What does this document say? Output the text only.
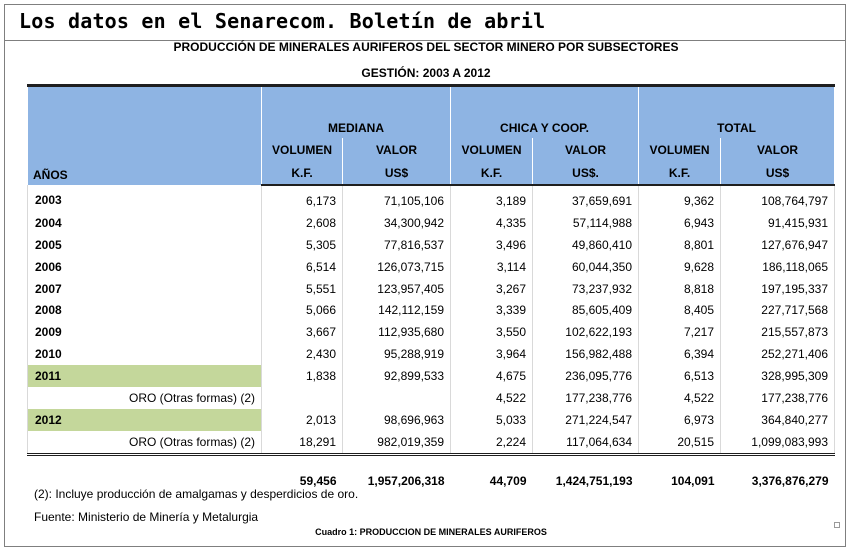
Los datos en el Senarecom. Boletín de abril
PRODUCCIÓN DE MINERALES AURIFEROS DEL SECTOR MINERO POR SUBSECTORES
GESTIÓN: 2003 A 2012
AÑOS	MEDIANA		CHICA Y COOP.		TOTAL	
	VOLUMEN	VALOR	VOLUMEN	VALOR	VOLUMEN	VALOR
	K.F.	US$	K.F.	US$.	K.F.	US$
2003	6,173	71,105,106	3,189	37,659,691	9,362	108,764,797
2004	2,608	34,300,942	4,335	57,114,988	6,943	91,415,931
2005	5,305	77,816,537	3,496	49,860,410	8,801	127,676,947
2006	6,514	126,073,715	3,114	60,044,350	9,628	186,118,065
2007	5,551	123,957,405	3,267	73,237,932	8,818	197,195,337
2008	5,066	142,112,159	3,339	85,605,409	8,405	227,717,568
2009	3,667	112,935,680	3,550	102,622,193	7,217	215,557,873
2010	2,430	95,288,919	3,964	156,982,488	6,394	252,271,406
2011	1,838	92,899,533	4,675	236,095,776	6,513	328,995,309
ORO (Otras formas) (2)			4,522	177,238,776	4,522	177,238,776
2012	2,013	98,696,963	5,033	271,224,547	6,973	364,840,277
ORO (Otras formas) (2)	18,291	982,019,359	2,224	117,064,634	20,515	1,099,083,993
	59,456	1,957,206,318	44,709	1,424,751,193	104,091	3,376,876,279
(2): Incluye producción de amalgamas y desperdicios de oro.
Fuente: Ministerio de Minería y Metalurgia
Cuadro 1: PRODUCCION DE MINERALES AURIFEROS
